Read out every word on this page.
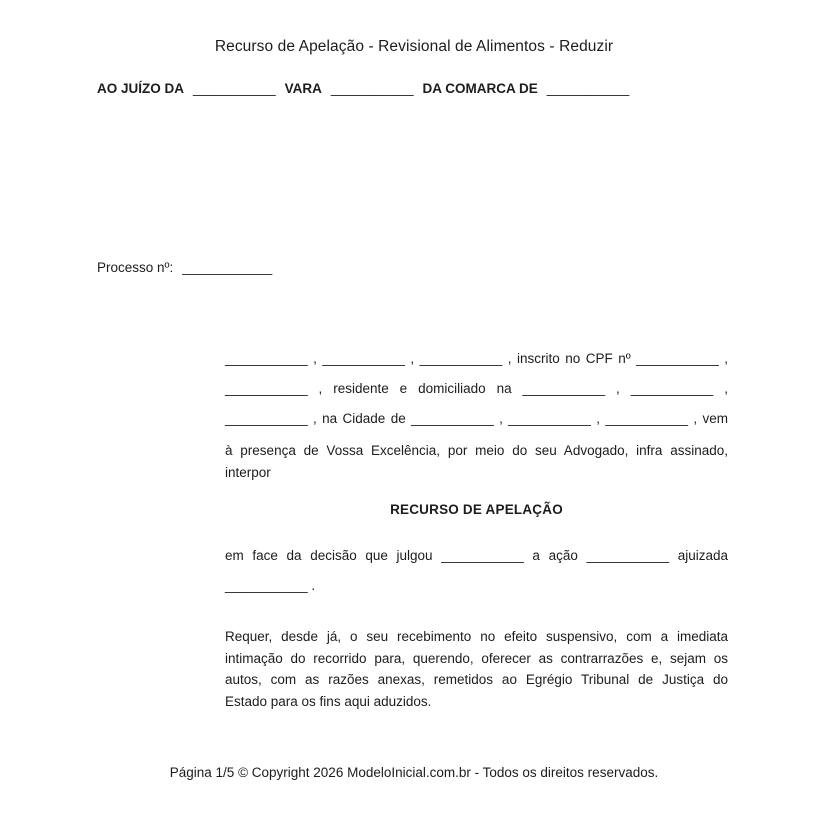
Recurso de Apelação - Revisional de Alimentos - Reduzir
AO JUÍZO DA ___________ VARA ___________ DA COMARCA DE ___________
Processo nº: ____________
___________ , ___________ , ___________ , inscrito no CPF nº ___________ ,
___________ , residente e domiciliado na ___________ , ___________ ,
___________ , na Cidade de ___________ , ___________ , ___________ , vem
à presença de Vossa Excelência, por meio do seu Advogado, infra assinado,
interpor
RECURSO DE APELAÇÃO
em face da decisão que julgou ___________ a ação ___________ ajuizada
___________ .
Requer, desde já, o seu recebimento no efeito suspensivo, com a imediata
intimação do recorrido para, querendo, oferecer as contrarrazões e, sejam os
autos, com as razões anexas, remetidos ao Egrégio Tribunal de Justiça do
Estado para os fins aqui aduzidos.
Página 1/5 © Copyright 2026 ModeloInicial.com.br - Todos os direitos reservados.
